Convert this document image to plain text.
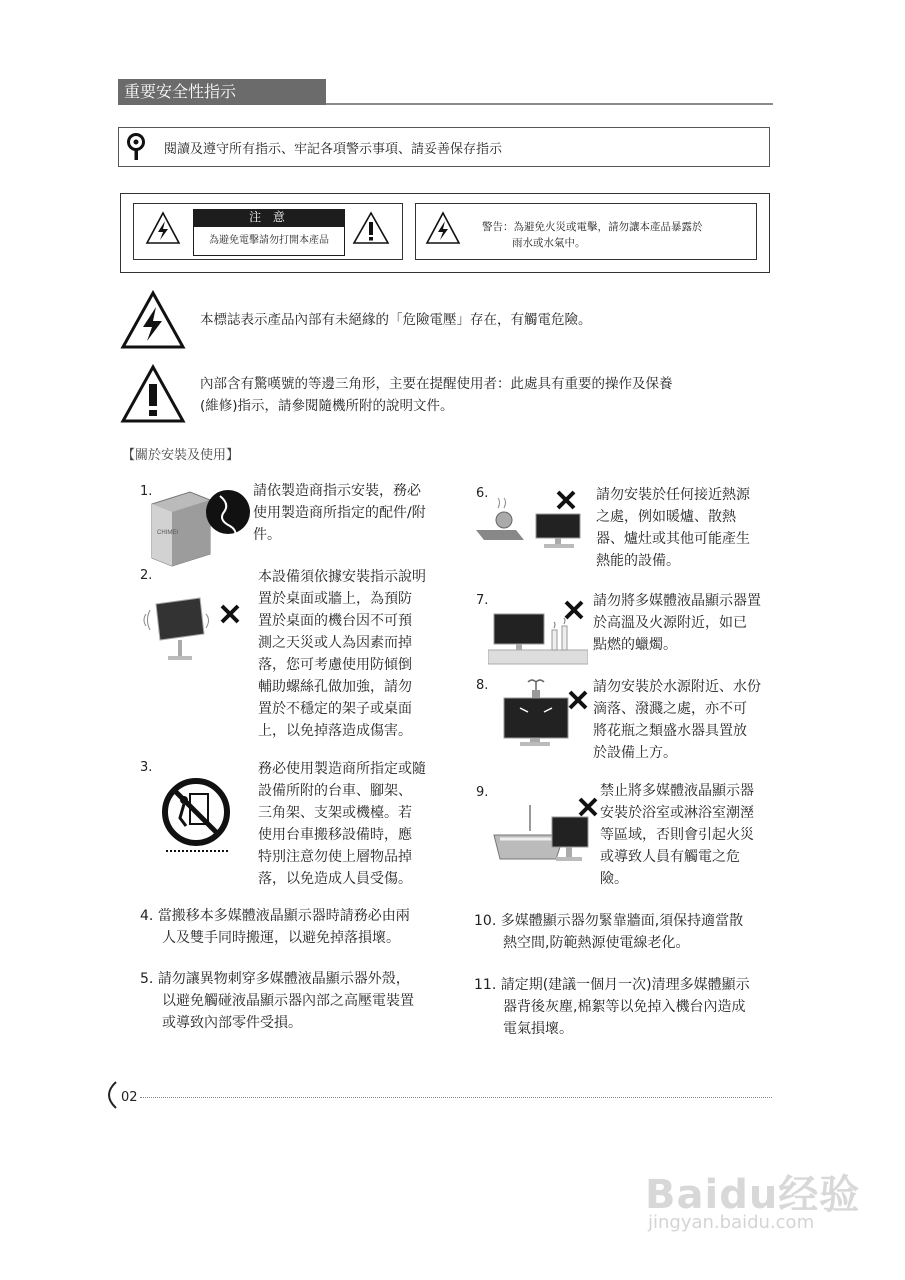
重要安全性指示
閱讀及遵守所有指示、牢記各項警示事項、請妥善保存指示
注 意
為避免電擊請勿打開本產品
警告：為避免火災或電擊，請勿讓本產品暴露於
雨水或水氣中。
本標誌表示產品內部有未絕緣的「危險電壓」存在，有觸電危險。
內部含有驚嘆號的等邊三角形，主要在提醒使用者：此處具有重要的操作及保養
(維修)指示，請參閱隨機所附的說明文件。
【關於安裝及使用】
1.
CHIMEI
請依製造商指示安裝，務必
使用製造商所指定的配件/附
件。
2.	本設備須依據安裝指示說明
置於桌面或牆上，為預防
置於桌面的機台因不可預
測之天災或人為因素而掉
落，您可考慮使用防傾倒
輔助螺絲孔做加強，請勿
置於不穩定的架子或桌面
上，以免掉落造成傷害。
3.	務必使用製造商所指定或隨
設備所附的台車、腳架、
三角架、支架或機檯。若
使用台車搬移設備時，應
特別注意勿使上層物品掉
落，以免造成人員受傷。
6.	請勿安裝於任何接近熱源
之處，例如暖爐、散熱
器、爐灶或其他可能產生
熱能的設備。
7.	請勿將多媒體液晶顯示器置
於高溫及火源附近，如已
點燃的蠟燭。
8.	請勿安裝於水源附近、水份
滴落、潑濺之處，亦不可
將花瓶之類盛水器具置放
於設備上方。
9.	禁止將多媒體液晶顯示器
安裝於浴室或淋浴室潮溼
等區域，否則會引起火災
或導致人員有觸電之危
險。
4. 當搬移本多媒體液晶顯示器時請務必由兩
人及雙手同時搬運，以避免掉落損壞。
5. 請勿讓異物刺穿多媒體液晶顯示器外殼，
以避免觸碰液晶顯示器內部之高壓電裝置
或導致內部零件受損。
10. 多媒體顯示器勿緊靠牆面,須保持適當散
熱空間,防範熱源使電線老化。
11. 請定期(建議一個月一次)清理多媒體顯示
器背後灰塵,棉絮等以免掉入機台內造成
電氣損壞。
02
Baidu经验
jingyan.baidu.com
